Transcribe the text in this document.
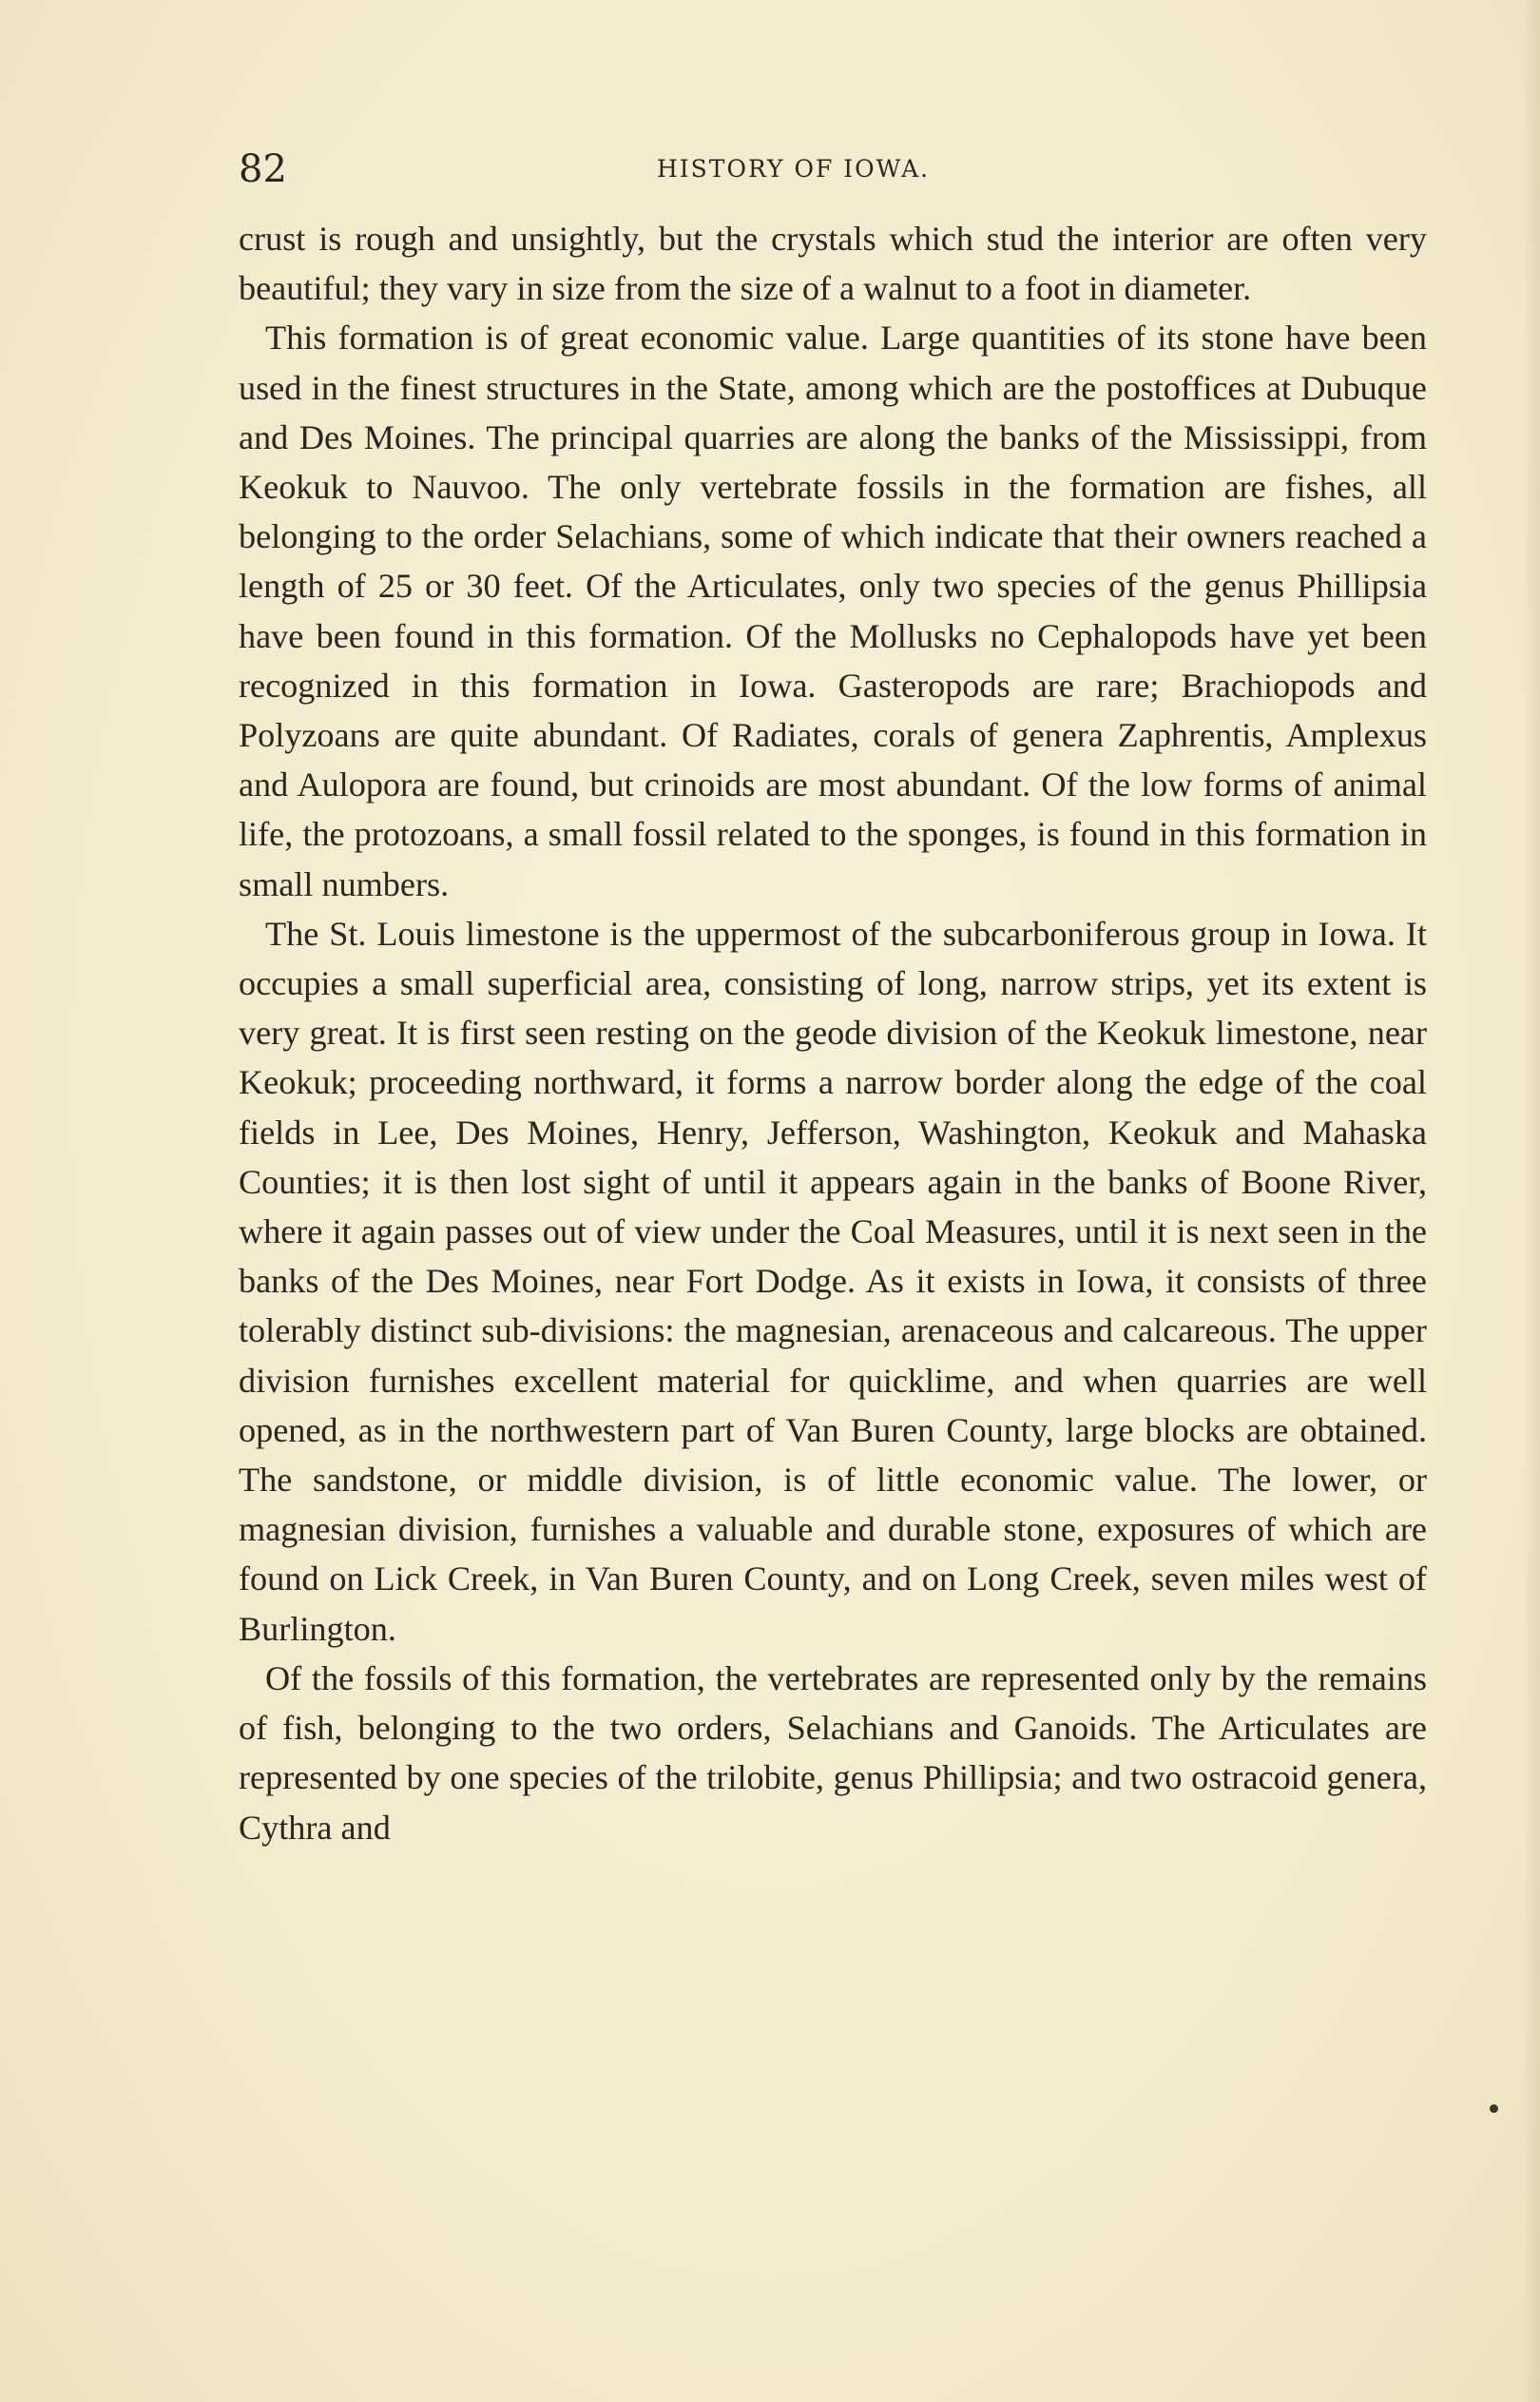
82	HISTORY OF IOWA.

crust is rough and unsightly, but the crystals which stud the interior are often very beautiful; they vary in size from the size of a walnut to a foot in diameter.

This formation is of great economic value. Large quantities of its stone have been used in the finest structures in the State, among which are the postoffices at Dubuque and Des Moines. The principal quarries are along the banks of the Mississippi, from Keokuk to Nauvoo. The only vertebrate fossils in the formation are fishes, all belonging to the order Selachians, some of which indicate that their owners reached a length of 25 or 30 feet. Of the Articulates, only two species of the genus Phillipsia have been found in this formation. Of the Mollusks no Cephalopods have yet been recognized in this formation in Iowa. Gasteropods are rare; Brachiopods and Polyzoans are quite abundant. Of Radiates, corals of genera Zaphrentis, Amplexus and Aulopora are found, but crinoids are most abundant. Of the low forms of animal life, the protozoans, a small fossil related to the sponges, is found in this formation in small numbers.

The St. Louis limestone is the uppermost of the subcarboniferous group in Iowa. It occupies a small superficial area, consisting of long, narrow strips, yet its extent is very great. It is first seen resting on the geode division of the Keokuk limestone, near Keokuk; proceeding northward, it forms a narrow border along the edge of the coal fields in Lee, Des Moines, Henry, Jefferson, Washington, Keokuk and Mahaska Counties; it is then lost sight of until it appears again in the banks of Boone River, where it again passes out of view under the Coal Measures, until it is next seen in the banks of the Des Moines, near Fort Dodge. As it exists in Iowa, it consists of three tolerably distinct sub-divisions: the magnesian, arenaceous and calcareous. The upper division furnishes excellent material for quicklime, and when quarries are well opened, as in the northwestern part of Van Buren County, large blocks are obtained. The sandstone, or middle division, is of little economic value. The lower, or magnesian division, furnishes a valuable and durable stone, exposures of which are found on Lick Creek, in Van Buren County, and on Long Creek, seven miles west of Burlington.

Of the fossils of this formation, the vertebrates are represented only by the remains of fish, belonging to the two orders, Selachians and Ganoids. The Articulates are represented by one species of the trilobite, genus Phillipsia; and two ostracoid genera, Cythra and
